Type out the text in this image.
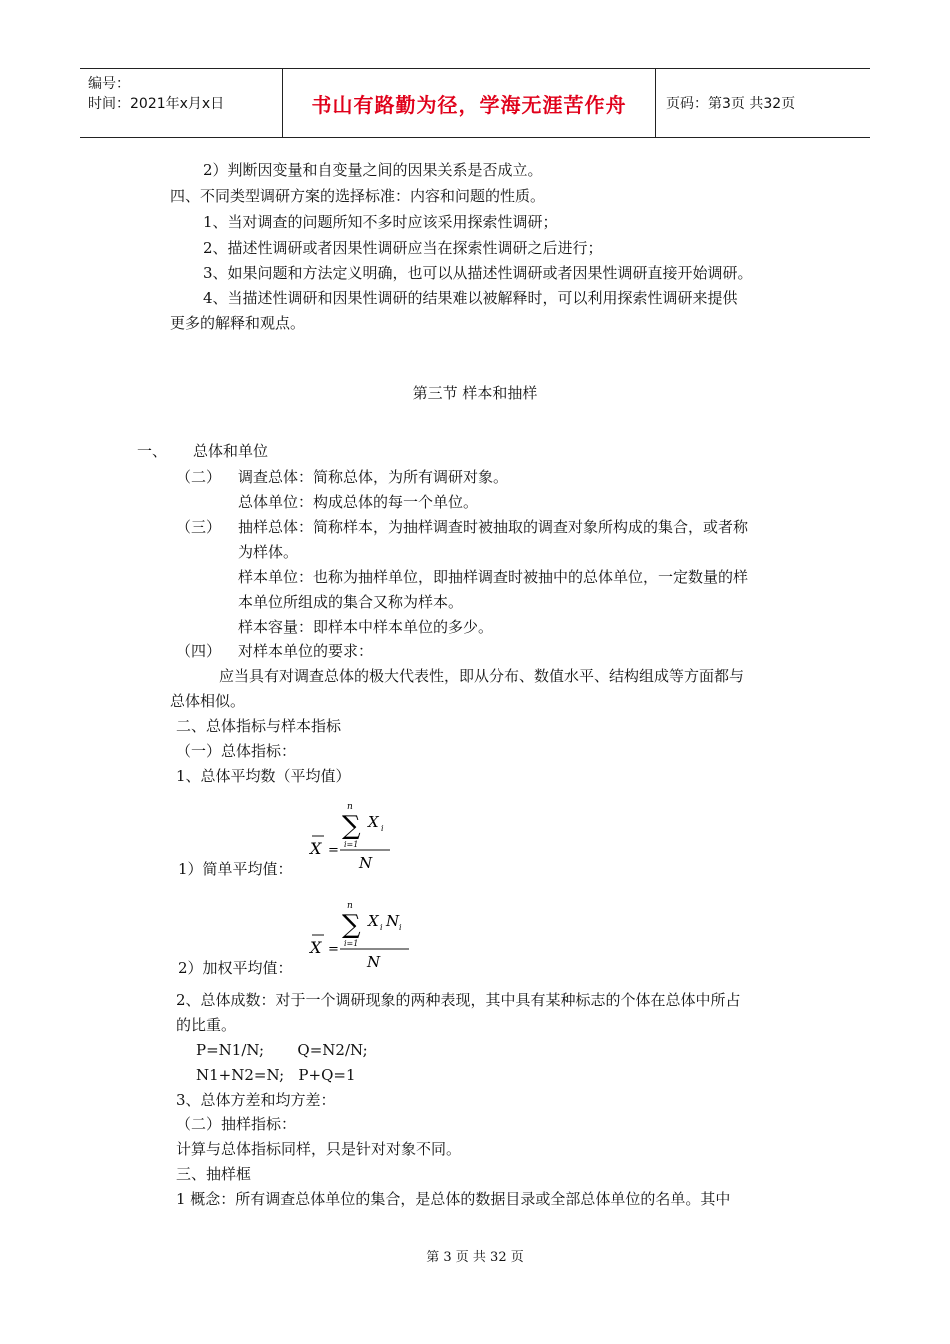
编号：
时间：2021年x月x日	书山有路勤为径，学海无涯苦作舟	页码：第3页 共32页
2）判断因变量和自变量之间的因果关系是否成立。
四、不同类型调研方案的选择标准：内容和问题的性质。
1、当对调查的问题所知不多时应该采用探索性调研；
2、描述性调研或者因果性调研应当在探索性调研之后进行；
3、如果问题和方法定义明确，也可以从描述性调研或者因果性调研直接开始调研。
4、当描述性调研和因果性调研的结果难以被解释时，可以利用探索性调研来提供
更多的解释和观点。
第三节 样本和抽样
一、 总体和单位
（二） 调查总体：简称总体，为所有调研对象。
总体单位：构成总体的每一个单位。
（三） 抽样总体：简称样本，为抽样调查时被抽取的调查对象所构成的集合，或者称
为样体。
样本单位：也称为抽样单位，即抽样调查时被抽中的总体单位，一定数量的样
本单位所组成的集合又称为样本。
样本容量：即样本中样本单位的多少。
（四） 对样本单位的要求：
应当具有对调查总体的极大代表性，即从分布、数值水平、结构组成等方面都与
总体相似。
二、总体指标与样本指标
（一）总体指标：
1、总体平均数（平均值）
1）简单平均值：
X =
n
∑
i=1
X i
N
2）加权平均值：
X =
n
∑
i=1
X i N i
N
2、总体成数：对于一个调研现象的两种表现，其中具有某种标志的个体在总体中所占
的比重。
P=N1/N;       Q=N2/N;
N1+N2=N;   P+Q=1
3、总体方差和均方差：
（二）抽样指标：
计算与总体指标同样，只是针对对象不同。
三、抽样框
1 概念：所有调查总体单位的集合，是总体的数据目录或全部总体单位的名单。其中
第 3 页 共 32 页
